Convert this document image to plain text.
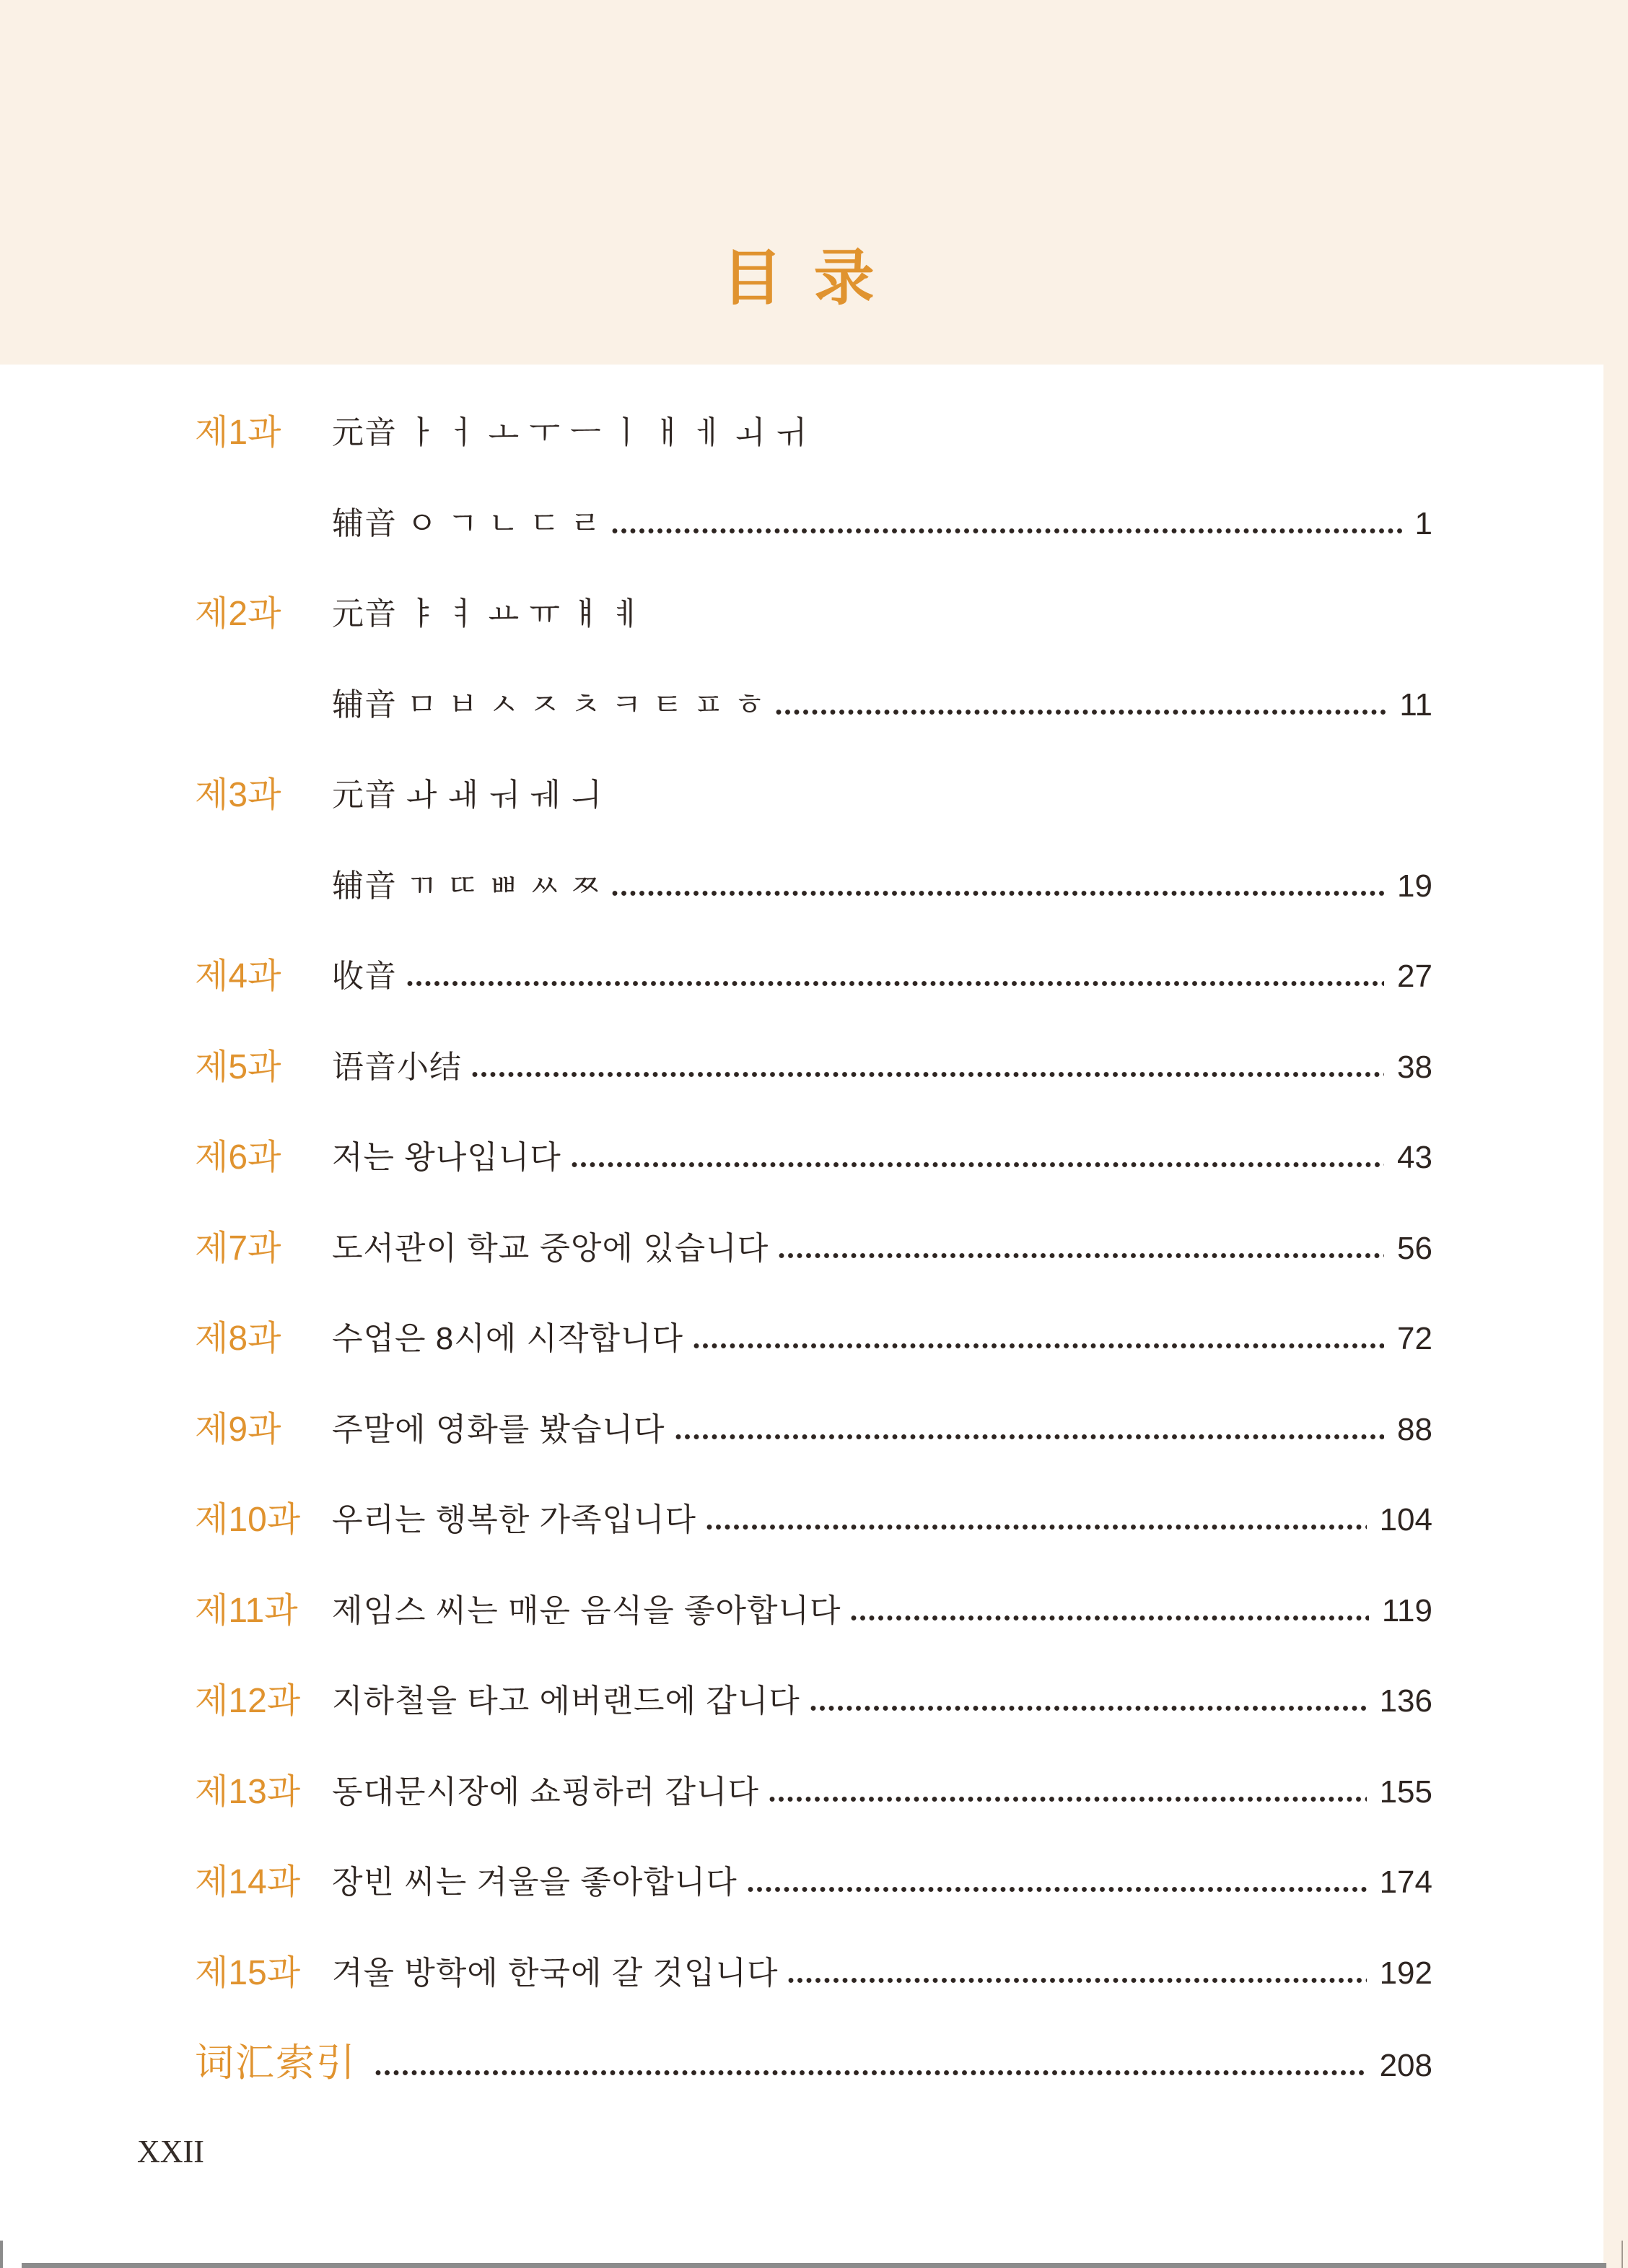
目 录
제1과	元音 ㅏ ㅓ ㅗ ㅜ ㅡ ㅣ ㅐ ㅔ ㅚ ㅟ
辅音 ㅇ ㄱ ㄴ ㄷ ㄹ	1
제2과	元音 ㅑ ㅕ ㅛ ㅠ ㅒ ㅖ
辅音 ㅁ ㅂ ㅅ ㅈ ㅊ ㅋ ㅌ ㅍ ㅎ	11
제3과	元音 ㅘ ㅙ ㅝ ㅞ ㅢ
辅音 ㄲ ㄸ ㅃ ㅆ ㅉ	19
제4과	收音	27
제5과	语音小结	38
제6과	저는 왕나입니다	43
제7과	도서관이 학교 중앙에 있습니다	56
제8과	수업은 8시에 시작합니다	72
제9과	주말에 영화를 봤습니다	88
제10과 우리는 행복한 가족입니다	104
제11과	제임스 씨는 매운 음식을 좋아합니다	119
제12과 지하철을 타고 에버랜드에 갑니다	136
제13과 동대문시장에 쇼핑하러 갑니다	155
제14과 장빈 씨는 겨울을 좋아합니다	174
제15과 겨울 방학에 한국에 갈 것입니다	192
词汇索引	208
XXII
